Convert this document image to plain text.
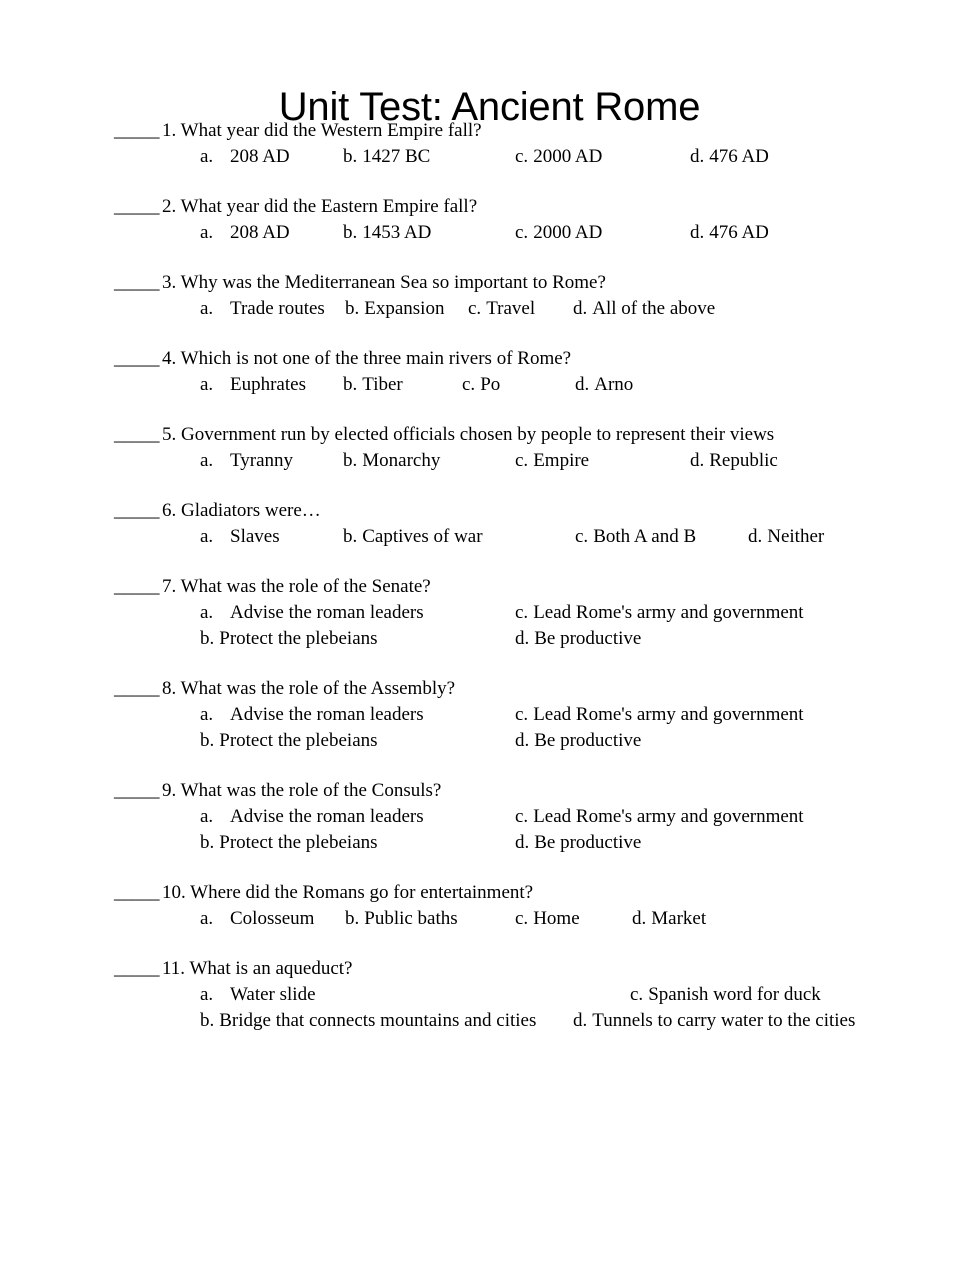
Unit Test: Ancient Rome
_____ 1. What year did the Western Empire fall?
a. 208 AD	b. 1427 BC	c. 2000 AD	d. 476 AD
_____ 2. What year did the Eastern Empire fall?
a. 208 AD	b. 1453 AD	c. 2000 AD	d. 476 AD
_____ 3. Why was the Mediterranean Sea so important to Rome?
a. Trade routes b. Expansion c. Travel d. All of the above
_____ 4. Which is not one of the three main rivers of Rome?
a. Euphrates b. Tiber	c. Po	d. Arno
_____ 5. Government run by elected officials chosen by people to represent their views
a. Tyranny	b. Monarchy	c. Empire	d. Republic
_____ 6. Gladiators were…
a. Slaves	b. Captives of war	c. Both A and B	d. Neither
_____ 7. What was the role of the Senate?
a. Advise the roman leaders	c. Lead Rome's army and government
b. Protect the plebeians	d. Be productive
_____ 8. What was the role of the Assembly?
a. Advise the roman leaders	c. Lead Rome's army and government
b. Protect the plebeians	d. Be productive
_____ 9. What was the role of the Consuls?
a. Advise the roman leaders	c. Lead Rome's army and government
b. Protect the plebeians	d. Be productive
_____ 10. Where did the Romans go for entertainment?
a. Colosseum b. Public baths	c. Home	d. Market
_____ 11. What is an aqueduct?
a. Water slide	c. Spanish word for duck
b. Bridge that connects mountains and cities d. Tunnels to carry water to the cities
